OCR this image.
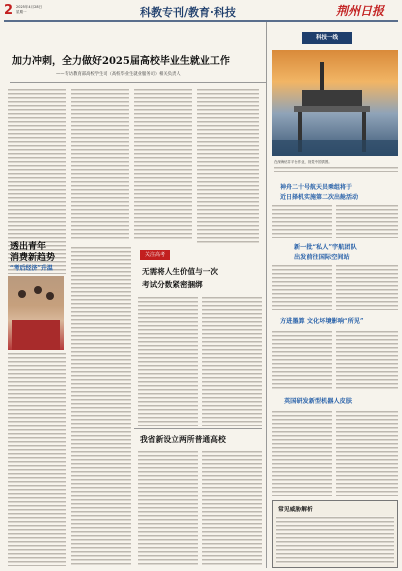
2 2025年4月28日
星期一	科教专刊/教育·科技	荆州日报
加力冲刺，全力做好2025届高校毕业生就业工作
——专访教育部高校学生司（高校毕业生就业服务司）相关负责人
透出青年
消费新趋势
“考后经济”升温
关注高考
无需将人生价值与一次
考试分数紧密捆绑
我省新设立两所普通高校
科技一线
在深海钻井平台作业，视觉中国供图。
神舟二十号航天员乘组将于
近日择机实施第二次出舱活动
新一批“私人”宇航团队
出发前往国际空间站
方进墨算 文化坏境影响“所见”
英国研发新型机器人皮肤
常见威胁解析
